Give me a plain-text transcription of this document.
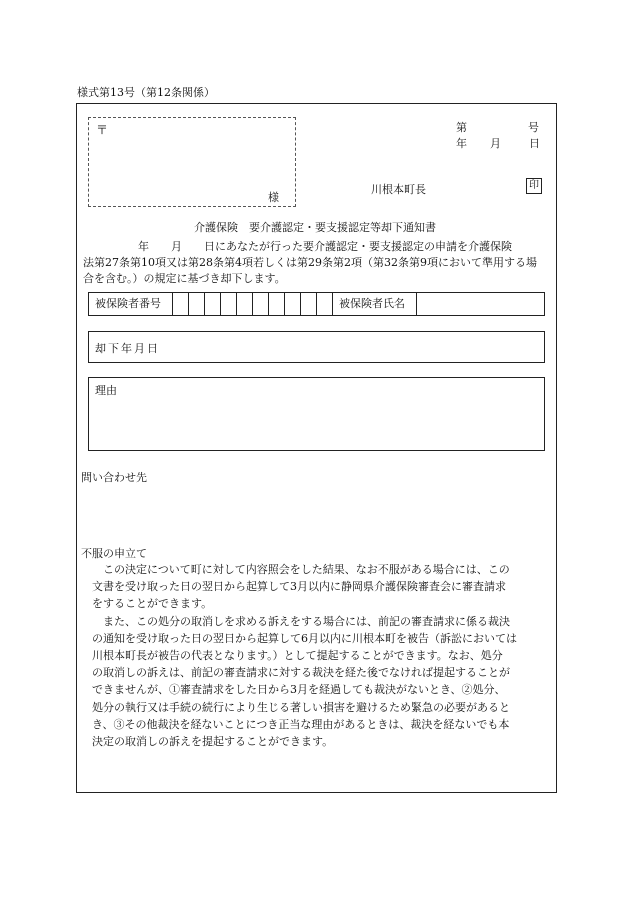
様式第13号（第12条関係）
〒
様
第	号
年 月	日
川根本町長	印
介護保険　要介護認定・要支援認定等却下通知書
　　　　　年　　月　　日にあなたが行った要介護認定・要支援認定の申請を介護保険
法第27条第10項又は第28条第4項若しくは第29条第2項（第32条第9項において準用する場
合を含む。）の規定に基づき却下します。
被保険者番号	被保険者氏名
却下年月日
理由
問い合わせ先
不服の申立て
　　この決定について町に対して内容照会をした結果、なお不服がある場合には、この
　文書を受け取った日の翌日から起算して3月以内に静岡県介護保険審査会に審査請求
　をすることができます。
　　また、この処分の取消しを求める訴えをする場合には、前記の審査請求に係る裁決
　の通知を受け取った日の翌日から起算して6月以内に川根本町を被告（訴訟においては
　川根本町長が被告の代表となります。）として提起することができます。なお、処分
　の取消しの訴えは、前記の審査請求に対する裁決を経た後でなければ提起することが
　できませんが、①審査請求をした日から3月を経過しても裁決がないとき、②処分、
　処分の執行又は手続の続行により生じる著しい損害を避けるため緊急の必要があると
　き、③その他裁決を経ないことにつき正当な理由があるときは、裁決を経ないでも本
　決定の取消しの訴えを提起することができます。
